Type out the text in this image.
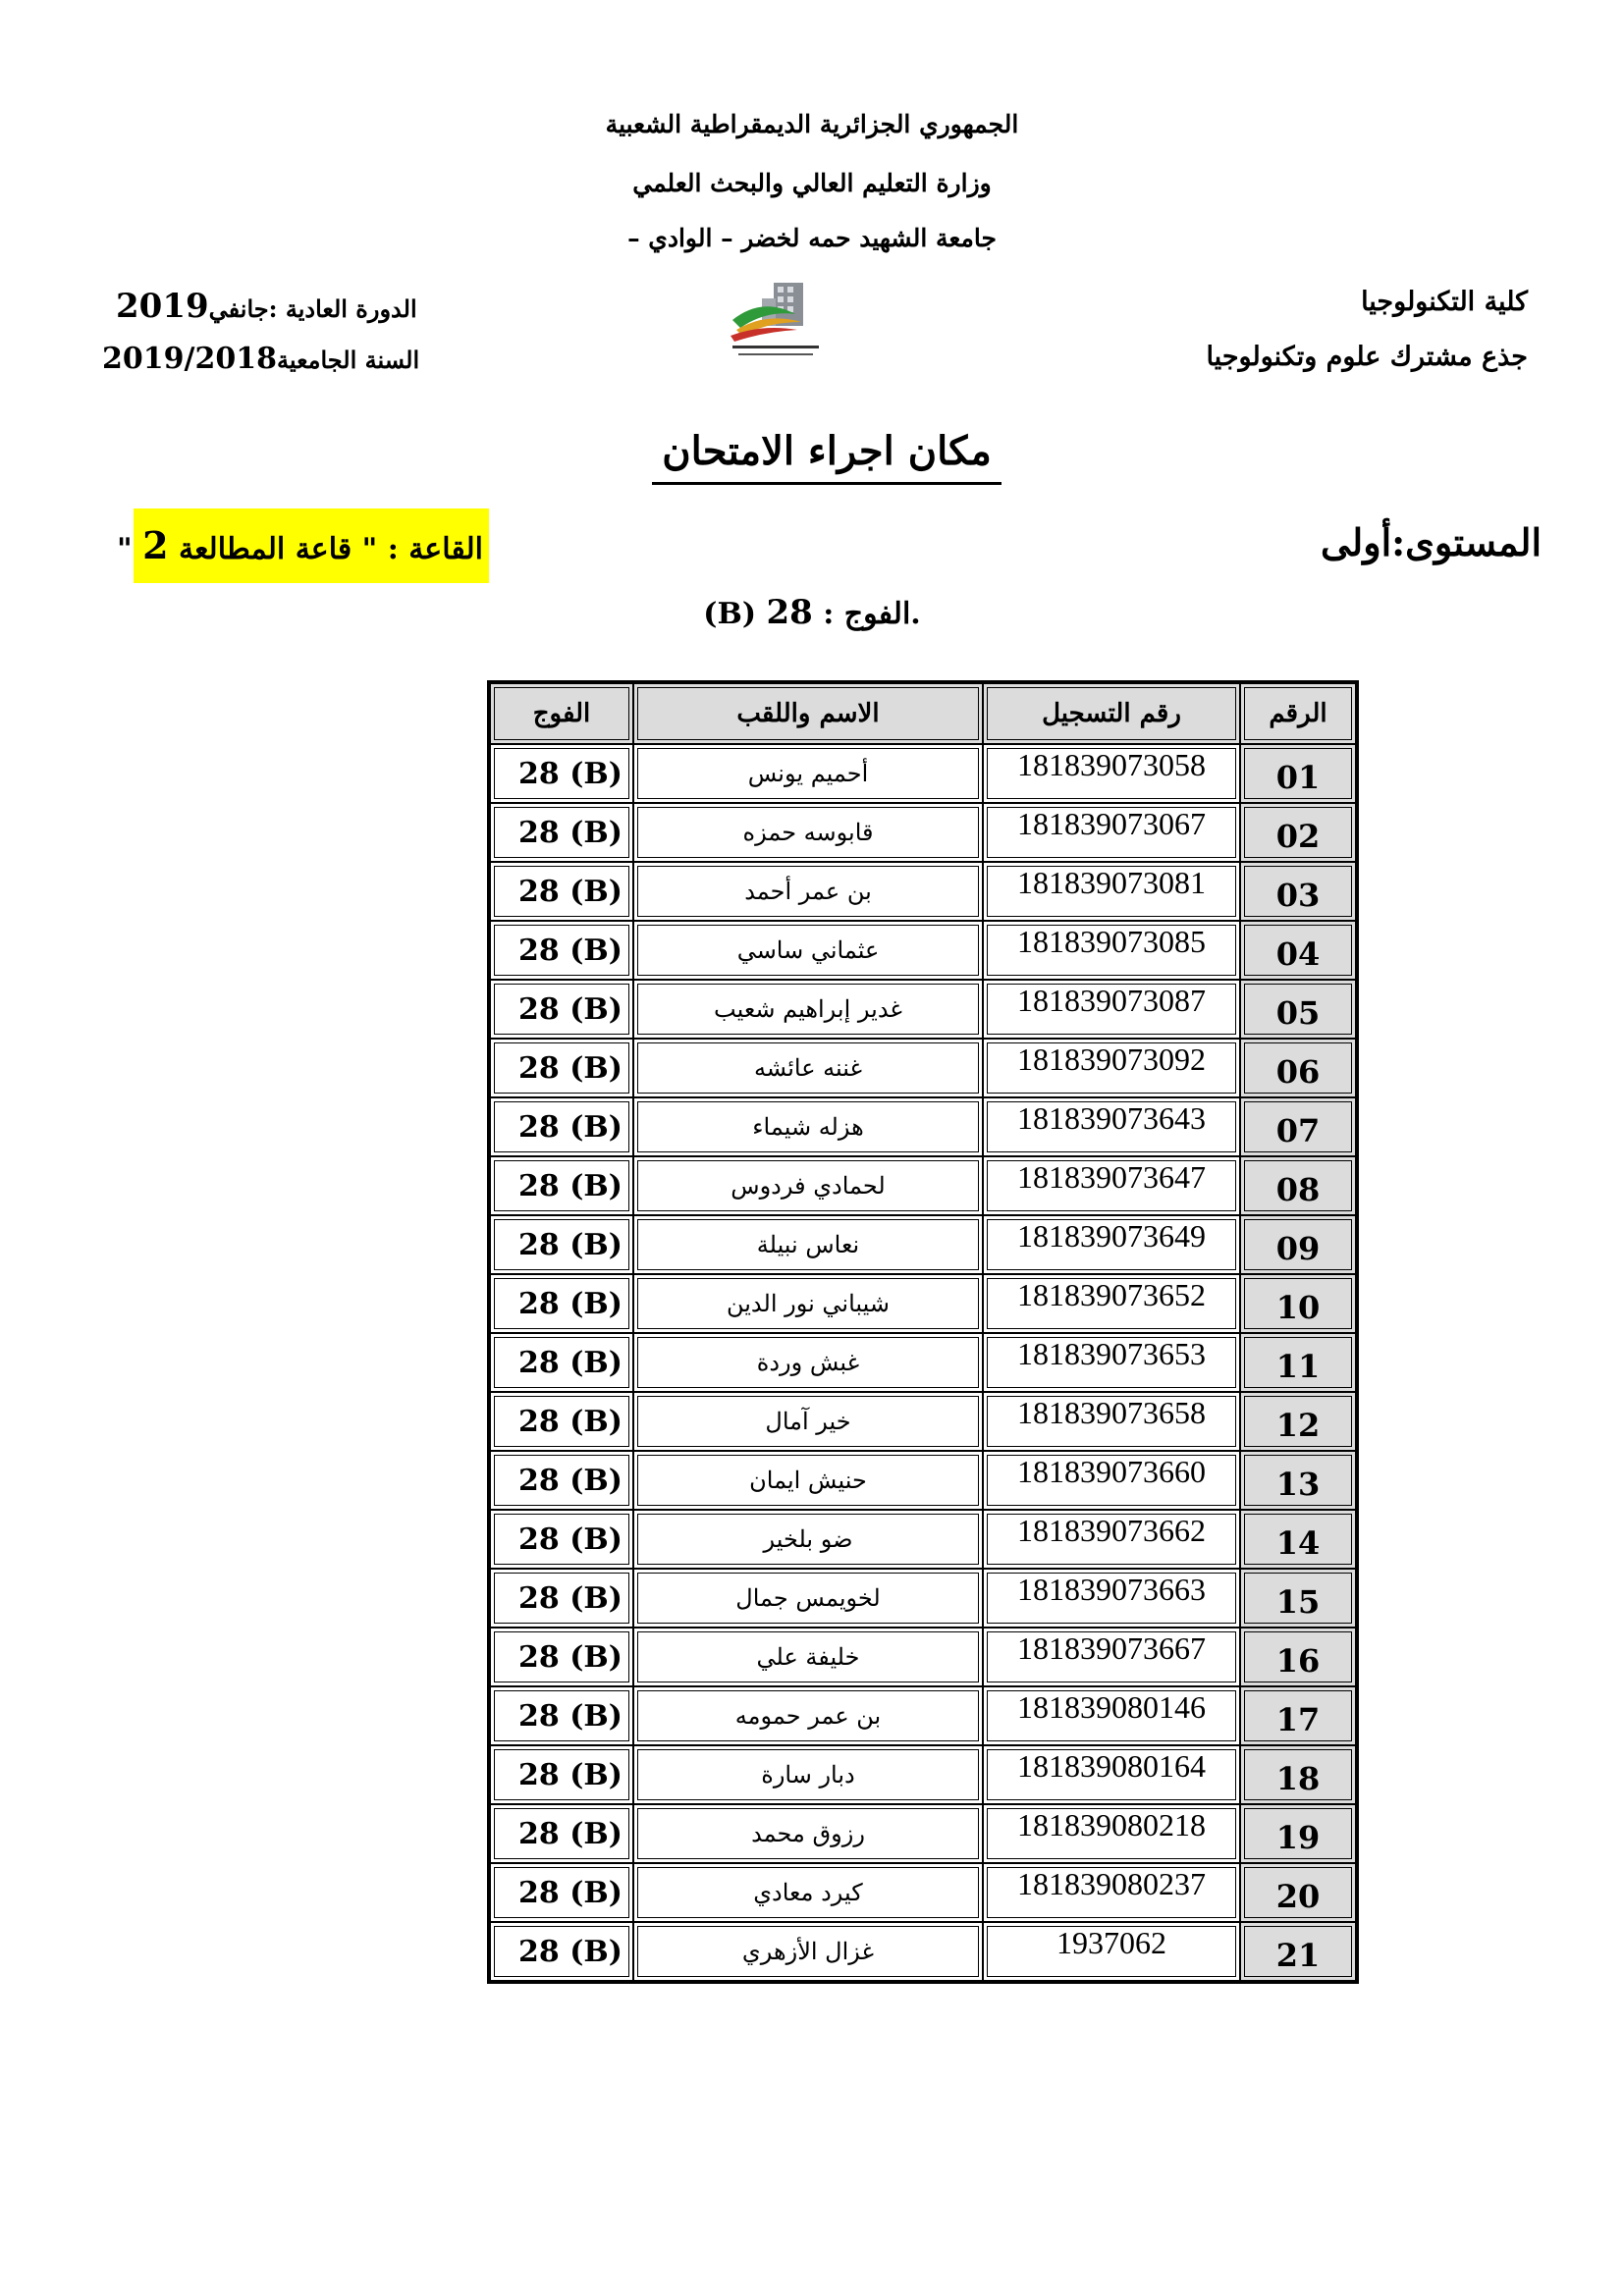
الجمهوري الجزائرية الديمقراطية الشعبية
وزارة التعليم العالي والبحث العلمي
جامعة الشهيد حمه لخضر – الوادي –
كلية التكنولوجيا
جذع مشترك علوم وتكنولوجيا
الدورة العادية :جانفي2019
السنة الجامعية2019/2018
مكان اجراء الامتحان
المستوى:أولى
القاعة : " قاعة المطالعة 2 "
.الفوج : 28 (B)
الرقم	رقم التسجيل	الاسم واللقب	الفوج
01	181839073058	أحميم يونس	28 (B)
02	181839073067	قابوسه حمزه	28 (B)
03	181839073081	بن عمر أحمد	28 (B)
04	181839073085	عثماني ساسي	28 (B)
05	181839073087	غدير إبراهيم شعيب	28 (B)
06	181839073092	غننه عائشه	28 (B)
07	181839073643	هزله شيماء	28 (B)
08	181839073647	لحمادي فردوس	28 (B)
09	181839073649	نعاس نبيلة	28 (B)
10	181839073652	شيباني نور الدين	28 (B)
11	181839073653	غبش وردة	28 (B)
12	181839073658	خير آمال	28 (B)
13	181839073660	حنيش ايمان	28 (B)
14	181839073662	ضو بلخير	28 (B)
15	181839073663	لخويمس جمال	28 (B)
16	181839073667	خليفة علي	28 (B)
17	181839080146	بن عمر حمومه	28 (B)
18	181839080164	دبار سارة	28 (B)
19	181839080218	رزوق محمد	28 (B)
20	181839080237	كيرد معادي	28 (B)
21	1937062	غزال الأزهري	28 (B)
